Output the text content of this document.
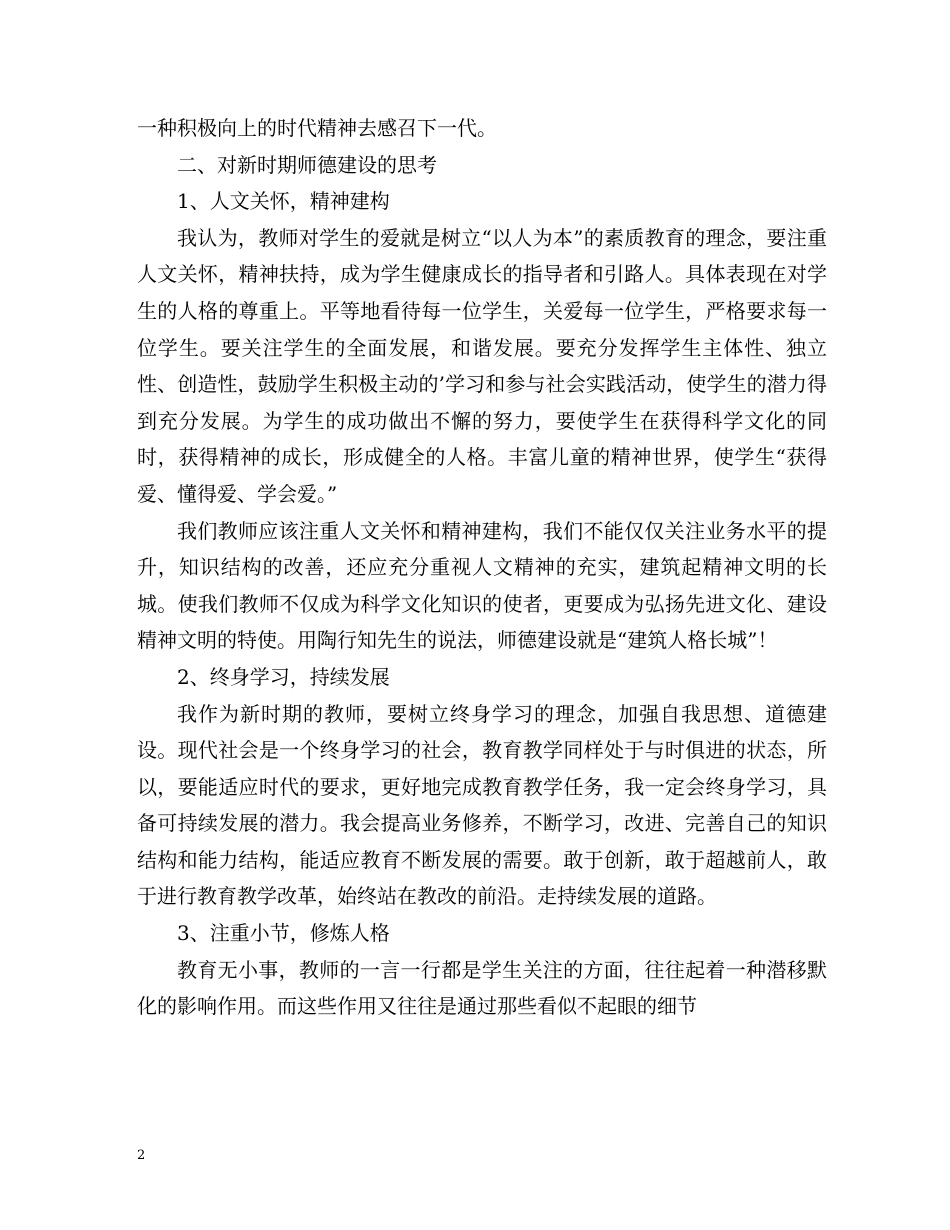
一种积极向上的时代精神去感召下一代。

二、对新时期师德建设的思考

1、人文关怀，精神建构

我认为，教师对学生的爱就是树立“以人为本”的素质教育的理念，要注重人文关怀，精神扶持，成为学生健康成长的指导者和引路人。具体表现在对学生的人格的尊重上。平等地看待每一位学生，关爱每一位学生，严格要求每一位学生。要关注学生的全面发展，和谐发展。要充分发挥学生主体性、独立性、创造性，鼓励学生积极主动的’学习和参与社会实践活动，使学生的潜力得到充分发展。为学生的成功做出不懈的努力，要使学生在获得科学文化的同时，获得精神的成长，形成健全的人格。丰富儿童的精神世界，使学生“获得爱、懂得爱、学会爱。”

我们教师应该注重人文关怀和精神建构，我们不能仅仅关注业务水平的提升，知识结构的改善，还应充分重视人文精神的充实，建筑起精神文明的长城。使我们教师不仅成为科学文化知识的使者，更要成为弘扬先进文化、建设精神文明的特使。用陶行知先生的说法，师德建设就是“建筑人格长城”！

2、终身学习，持续发展

我作为新时期的教师，要树立终身学习的理念，加强自我思想、道德建设。现代社会是一个终身学习的社会，教育教学同样处于与时俱进的状态，所以，要能适应时代的要求，更好地完成教育教学任务，我一定会终身学习，具备可持续发展的潜力。我会提高业务修养，不断学习，改进、完善自己的知识结构和能力结构，能适应教育不断发展的需要。敢于创新，敢于超越前人，敢于进行教育教学改革，始终站在教改的前沿。走持续发展的道路。

3、注重小节，修炼人格

教育无小事，教师的一言一行都是学生关注的方面，往往起着一种潜移默化的影响作用。而这些作用又往往是通过那些看似不起眼的细节

2
